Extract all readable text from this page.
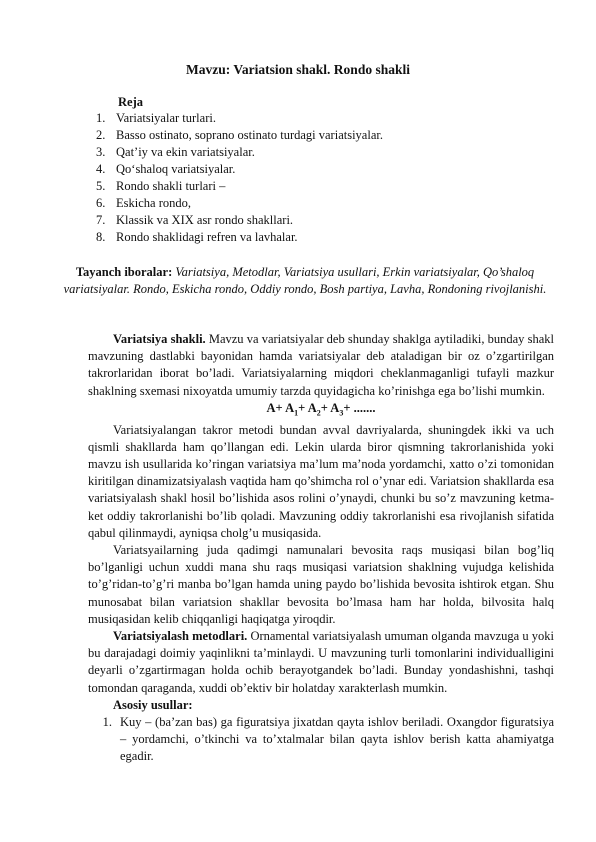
Mavzu: Variatsion shakl. Rondo shakli
Reja
1. Variatsiyalar turlari.
2. Basso ostinato, soprano ostinato turdagi variatsiyalar.
3. Qat’iy va ekin variatsiyalar.
4. Qo‘shaloq variatsiyalar.
5. Rondo shakli turlari –
6. Eskicha rondo,
7. Klassik va XIX asr rondo shakllari.
8. Rondo shaklidagi refren va lavhalar.
Tayanch iboralar: Variatsiya, Metodlar, Variatsiya usullari, Erkin variatsiyalar, Qo’shaloq variatsiyalar. Rondo, Eskicha rondo, Oddiy rondo, Bosh partiya, Lavha, Rondoning rivojlanishi.

Variatsiya shakli. Mavzu va variatsiyalar deb shunday shaklga aytiladiki, bunday shakl mavzuning dastlabki bayonidan hamda variatsiyalar deb ataladigan bir oz o’zgartirilgan takrorlaridan iborat bo’ladi. Variatsiyalarning miqdori cheklanmaganligi tufayli mazkur shaklning sxemasi nixoyatda umumiy tarzda quyidagicha ko’rinishga ega bo’lishi mumkin.

$A+ A_1+ A_2+ A_3+$ .......

Variatsiyalangan takror metodi bundan avval davriyalarda, shuningdek ikki va uch qismli shakllarda ham qo’llangan edi. Lekin ularda biror qismning takrorlanishida yoki mavzu ish usullarida ko’ringan variatsiya ma’lum ma’noda yordamchi, xatto o’zi tomonidan kiritilgan dinamizatsiyalash vaqtida ham qo’shimcha rol o’ynar edi. Variatsion shakllarda esa variatsiyalash shakl hosil bo’lishida asos rolini o’ynaydi, chunki bu so’z mavzuning ketma-ket oddiy takrorlanishi bo’lib qoladi. Mavzuning oddiy takrorlanishi esa rivojlanish sifatida qabul qilinmaydi, ayniqsa cholg’u musiqasida.

Variatsyailarning juda qadimgi namunalari bevosita raqs musiqasi bilan bog’liq bo’lganligi uchun xuddi mana shu raqs musiqasi variatsion shaklning vujudga kelishida to’g’ridan-to’g’ri manba bo’lgan hamda uning paydo bo’lishida bevosita ishtirok etgan. Shu munosabat bilan variatsion shakllar bevosita bo’lmasa ham har holda, bilvosita halq musiqasidan kelib chiqqanligi haqiqatga yiroqdir.

Variatsiyalash metodlari. Ornamental variatsiyalash umuman olganda mavzuga u yoki bu darajadagi doimiy yaqinlikni ta’minlaydi. U mavzuning turli tomonlarini individualligini deyarli o’zgartirmagan holda ochib berayotgandek bo’ladi. Bunday yondashishni, tashqi tomondan qaraganda, xuddi ob’ektiv bir holatday xarakterlash mumkin.

Asosiy usullar:

1. Kuy – (ba’zan bas) ga figuratsiya jixatdan qayta ishlov beriladi. Oxangdor figuratsiya – yordamchi, o’tkinchi va to’xtalmalar bilan qayta ishlov berish katta ahamiyatga egadir.
